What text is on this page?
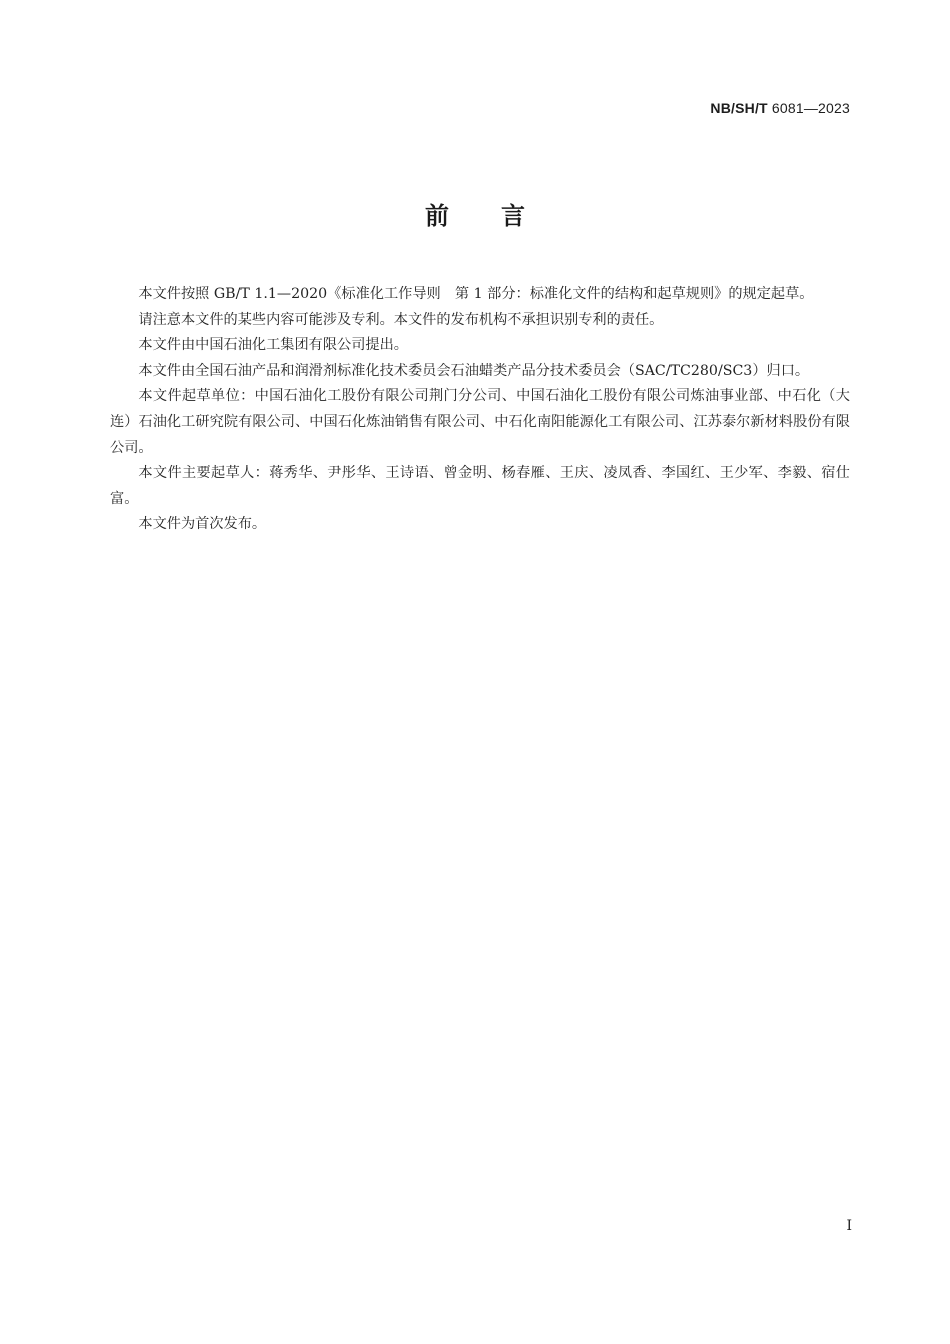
NB/SH/T 6081—2023
前言

本文件按照 GB/T 1.1—2020《标准化工作导则　第 1 部分：标准化文件的结构和起草规则》的规定起草。

请注意本文件的某些内容可能涉及专利。本文件的发布机构不承担识别专利的责任。

本文件由中国石油化工集团有限公司提出。

本文件由全国石油产品和润滑剂标准化技术委员会石油蜡类产品分技术委员会（SAC/TC280/SC3）归口。

本文件起草单位：中国石油化工股份有限公司荆门分公司、中国石油化工股份有限公司炼油事业部、中石化（大连）石油化工研究院有限公司、中国石化炼油销售有限公司、中石化南阳能源化工有限公司、江苏泰尔新材料股份有限公司。

本文件主要起草人：蒋秀华、尹彤华、王诗语、曾金明、杨春雁、王庆、凌凤香、李国红、王少军、李毅、宿仕富。

本文件为首次发布。

I
